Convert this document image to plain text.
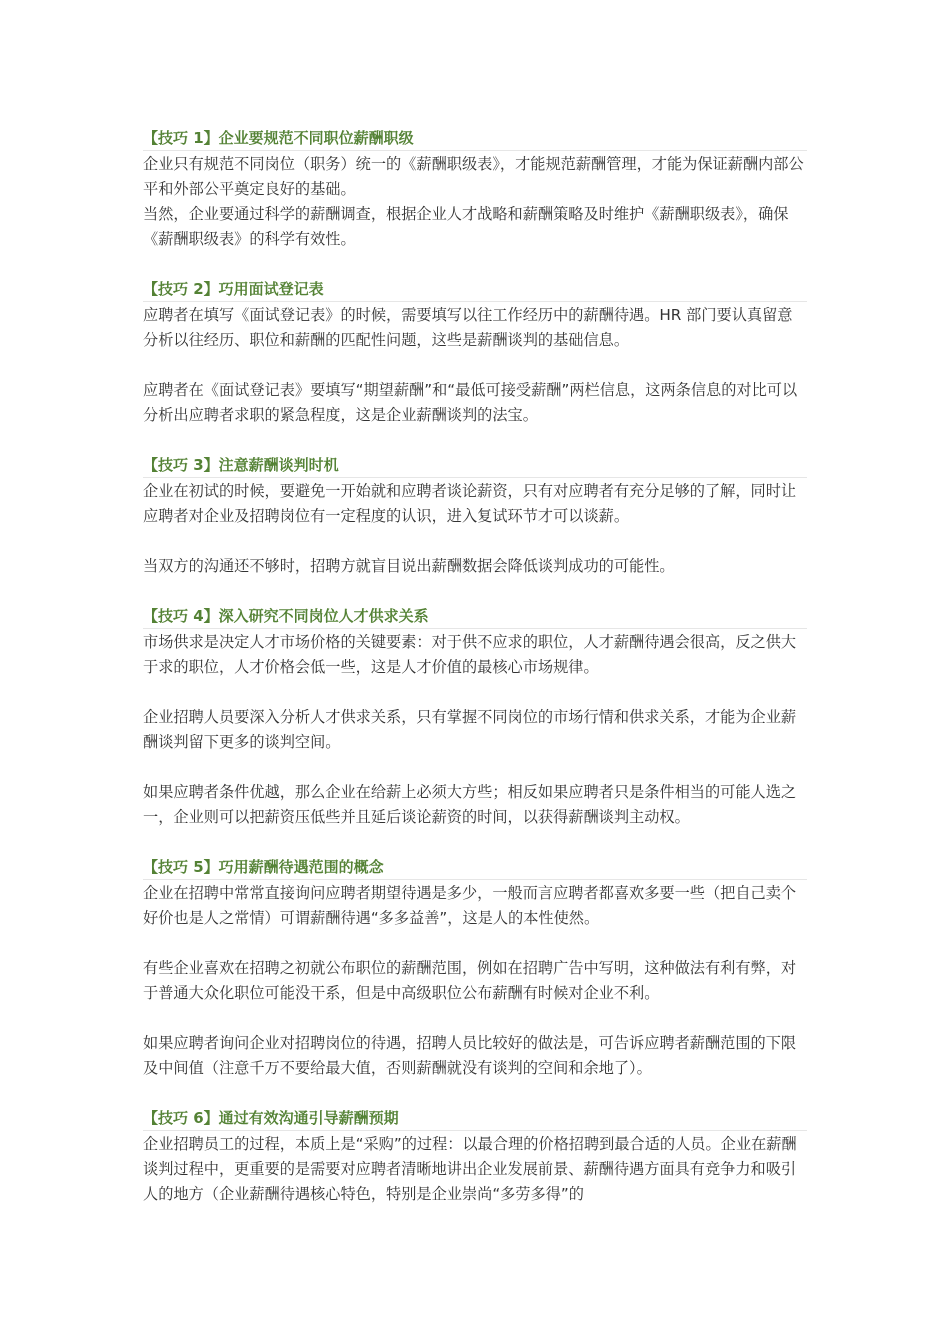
【技巧 1】企业要规范不同职位薪酬职级

企业只有规范不同岗位（职务）统一的《薪酬职级表》，才能规范薪酬管理，才能为保证薪酬内部公平和外部公平奠定良好的基础。

当然，企业要通过科学的薪酬调查，根据企业人才战略和薪酬策略及时维护《薪酬职级表》，确保《薪酬职级表》的科学有效性。

【技巧 2】巧用面试登记表

应聘者在填写《面试登记表》的时候，需要填写以往工作经历中的薪酬待遇。HR 部门要认真留意分析以往经历、职位和薪酬的匹配性问题，这些是薪酬谈判的基础信息。

应聘者在《面试登记表》要填写“期望薪酬”和“最低可接受薪酬”两栏信息，这两条信息的对比可以分析出应聘者求职的紧急程度，这是企业薪酬谈判的法宝。

【技巧 3】注意薪酬谈判时机

企业在初试的时候，要避免一开始就和应聘者谈论薪资，只有对应聘者有充分足够的了解，同时让应聘者对企业及招聘岗位有一定程度的认识，进入复试环节才可以谈薪。

当双方的沟通还不够时，招聘方就盲目说出薪酬数据会降低谈判成功的可能性。

【技巧 4】深入研究不同岗位人才供求关系

市场供求是决定人才市场价格的关键要素：对于供不应求的职位，人才薪酬待遇会很高，反之供大于求的职位，人才价格会低一些，这是人才价值的最核心市场规律。

企业招聘人员要深入分析人才供求关系，只有掌握不同岗位的市场行情和供求关系，才能为企业薪酬谈判留下更多的谈判空间。

如果应聘者条件优越，那么企业在给薪上必须大方些；相反如果应聘者只是条件相当的可能人选之一，企业则可以把薪资压低些并且延后谈论薪资的时间，以获得薪酬谈判主动权。

【技巧 5】巧用薪酬待遇范围的概念

企业在招聘中常常直接询问应聘者期望待遇是多少，一般而言应聘者都喜欢多要一些（把自己卖个好价也是人之常情）可谓薪酬待遇“多多益善”，这是人的本性使然。

有些企业喜欢在招聘之初就公布职位的薪酬范围，例如在招聘广告中写明，这种做法有利有弊，对于普通大众化职位可能没干系，但是中高级职位公布薪酬有时候对企业不利。

如果应聘者询问企业对招聘岗位的待遇，招聘人员比较好的做法是，可告诉应聘者薪酬范围的下限及中间值（注意千万不要给最大值，否则薪酬就没有谈判的空间和余地了）。

【技巧 6】通过有效沟通引导薪酬预期

企业招聘员工的过程，本质上是“采购”的过程：以最合理的价格招聘到最合适的人员。企业在薪酬谈判过程中，更重要的是需要对应聘者清晰地讲出企业发展前景、薪酬待遇方面具有竞争力和吸引人的地方（企业薪酬待遇核心特色，特别是企业崇尚“多劳多得”的
